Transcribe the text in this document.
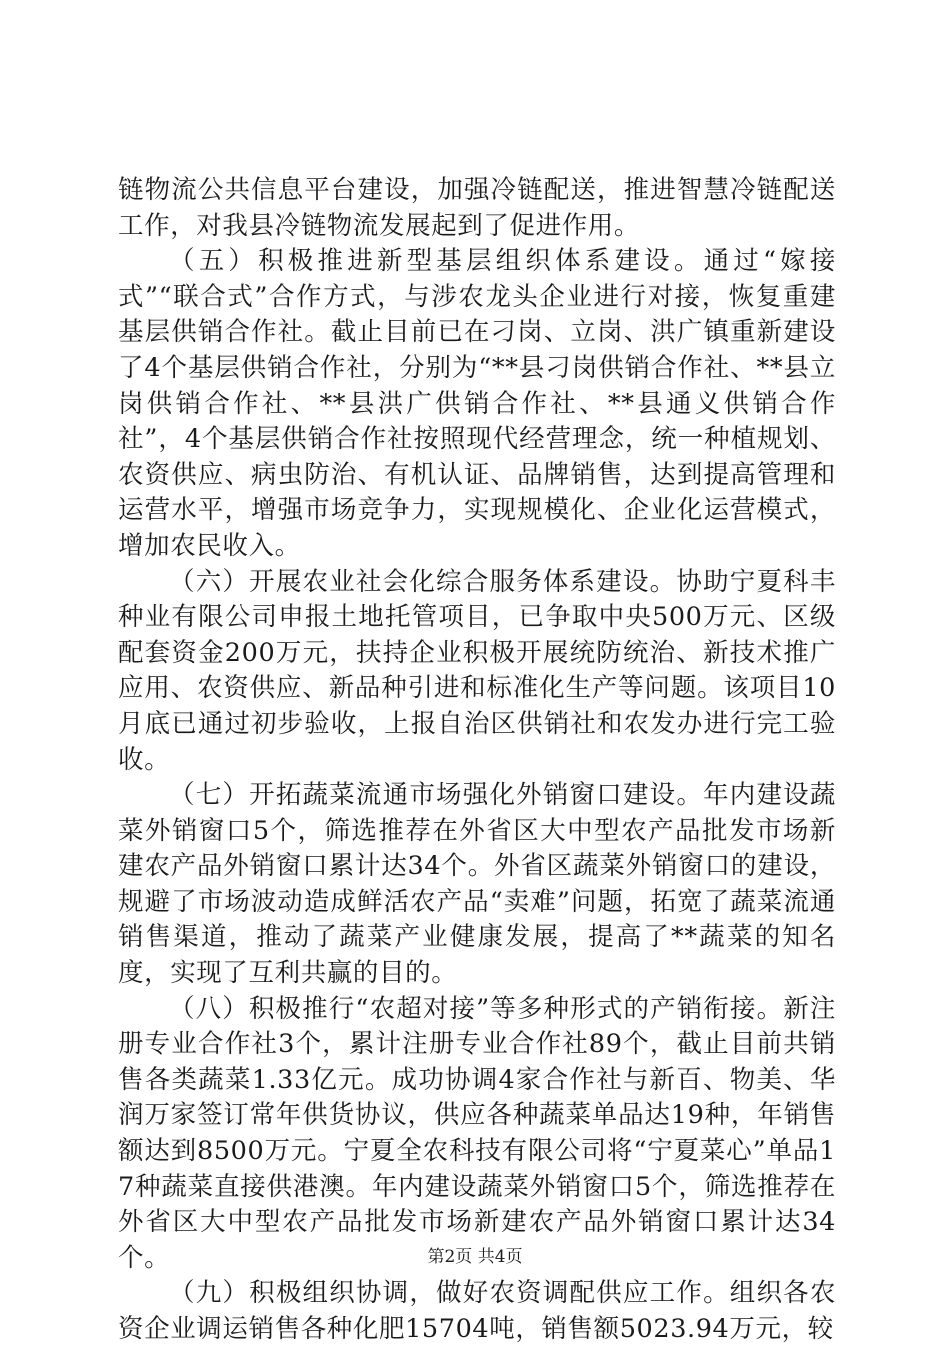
链物流公共信息平台建设，加强冷链配送，推进智慧冷链配送工作，对我县冷链物流发展起到了促进作用。

（五）积极推进新型基层组织体系建设。通过“嫁接式”“联合式”合作方式，与涉农龙头企业进行对接，恢复重建基层供销合作社。截止目前已在刁岗、立岗、洪广镇重新建设了4个基层供销合作社，分别为“**县刁岗供销合作社、**县立岗供销合作社、**县洪广供销合作社、**县通义供销合作社”，4个基层供销合作社按照现代经营理念，统一种植规划、农资供应、病虫防治、有机认证、品牌销售，达到提高管理和运营水平，增强市场竞争力，实现规模化、企业化运营模式，增加农民收入。

（六）开展农业社会化综合服务体系建设。协助宁夏科丰种业有限公司申报土地托管项目，已争取中央500万元、区级配套资金200万元，扶持企业积极开展统防统治、新技术推广应用、农资供应、新品种引进和标准化生产等问题。该项目10月底已通过初步验收，上报自治区供销社和农发办进行完工验收。

（七）开拓蔬菜流通市场强化外销窗口建设。年内建设蔬菜外销窗口5个，筛选推荐在外省区大中型农产品批发市场新建农产品外销窗口累计达34个。外省区蔬菜外销窗口的建设，规避了市场波动造成鲜活农产品“卖难”问题，拓宽了蔬菜流通销售渠道，推动了蔬菜产业健康发展，提高了**蔬菜的知名度，实现了互利共赢的目的。

（八）积极推行“农超对接”等多种形式的产销衔接。新注册专业合作社3个，累计注册专业合作社89个，截止目前共销售各类蔬菜1.33亿元。成功协调4家合作社与新百、物美、华润万家签订常年供货协议，供应各种蔬菜单品达19种，年销售额达到8500万元。宁夏全农科技有限公司将“宁夏菜心”单品17种蔬菜直接供港澳。年内建设蔬菜外销窗口5个，筛选推荐在外省区大中型农产品批发市场新建农产品外销窗口累计达34个。

（九）积极组织协调，做好农资调配供应工作。组织各农资企业调运销售各种化肥15704吨，销售额5023.94万元，较

第2页 共4页
